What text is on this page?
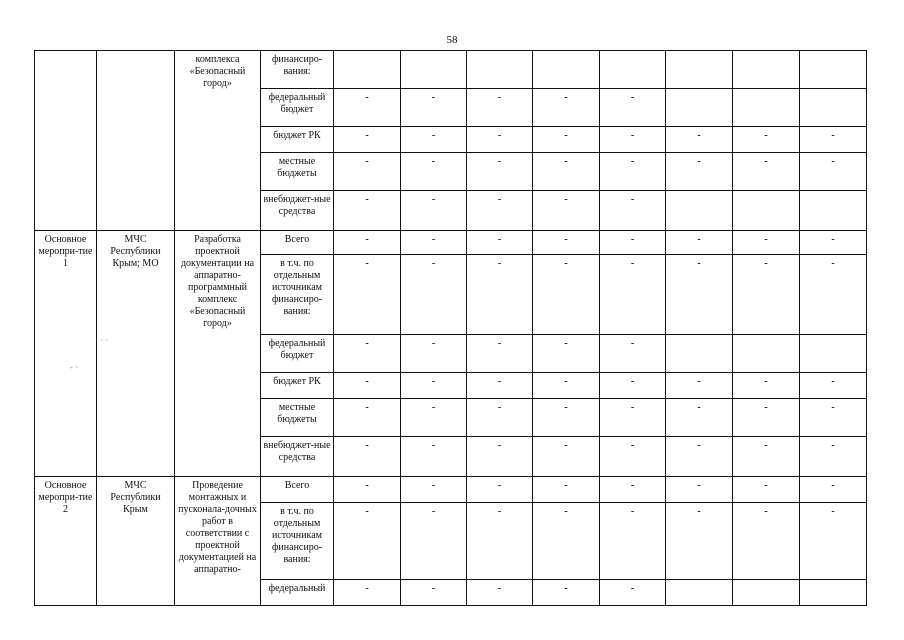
58
		комплекса «Безопасный город»	финансиро-вания:								
			федеральный бюджет	-	-	-	-	-			
			бюджет РК	-	-	-	-	-	-	-	-
			местные бюджеты	-	-	-	-	-	-	-	-
			внебюджет-ные средства	-	-	-	-	-			
Основное меропри-тие 1	МЧС Республики Крым; МО	Разработка проектной документации на аппаратно-программный комплекс «Безопасный город»	Всего	-	-	-	-	-	-	-	-
			в т.ч. по отдельным источникам финансиро-вания:	-	-	-	-	-	-	-	-
			федеральный бюджет	-	-	-	-	-			
			бюджет РК	-	-	-	-	-	-	-	-
			местные бюджеты	-	-	-	-	-	-	-	-
			внебюджет-ные средства	-	-	-	-	-	-	-	-
Основное меропри-тие 2	МЧС Республики Крым	Проведение монтажных и пусконала-дочных работ в соответствии с проектной документацией на аппаратно-	Всего	-	-	-	-	-	-	-	-
			в т.ч. по отдельным источникам финансиро-вания:	-	-	-	-	-	-	-	-
			федеральный	-	-	-	-	-			
· ·
- ·
